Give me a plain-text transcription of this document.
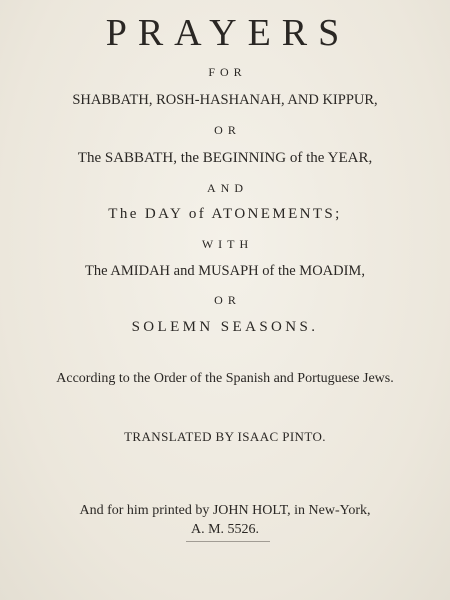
PRAYERS
FOR
SHABBATH, ROSH-HASHANAH, AND KIPPUR,
OR
The SABBATH, the BEGINNING of the YEAR,
AND
The DAY of ATONEMENTS;
WITH
The AMIDAH and MUSAPH of the MOADIM,
OR
SOLEMN SEASONS.
According to the Order of the Spanish and Portuguese Jews.
TRANSLATED BY ISAAC PINTO.
And for him printed by JOHN HOLT, in New-York,
A. M. 5526.
